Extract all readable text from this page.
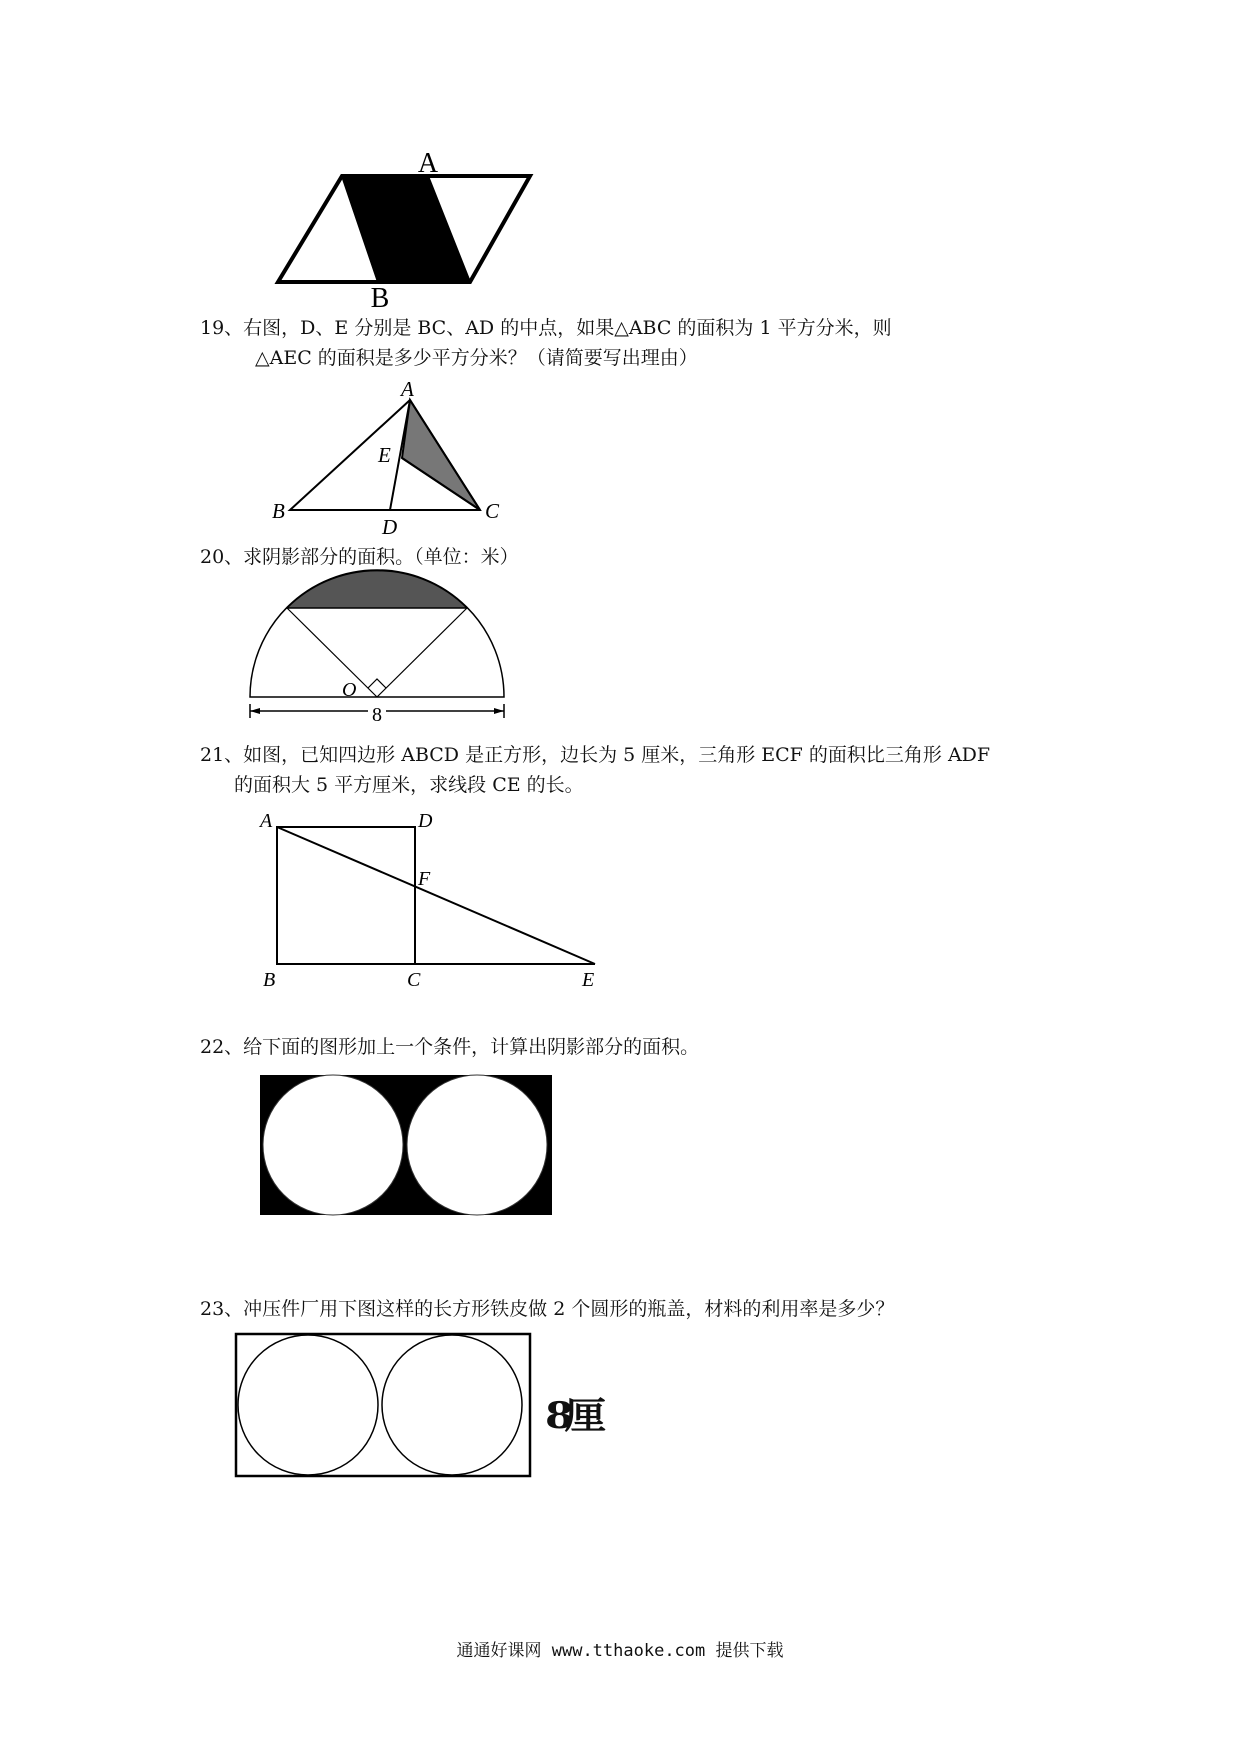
A
B
19、右图，D、E 分别是 BC、AD 的中点，如果△ABC 的面积为 1 平方分米，则
△AEC 的面积是多少平方分米？（请简要写出理由）
A
E
B
D
C
20、求阴影部分的面积。（单位：米）
8
O
21、如图，已知四边形 ABCD 是正方形，边长为 5 厘米，三角形 ECF 的面积比三角形 ADF
的面积大 5 平方厘米，求线段 CE 的长。
A	D
F
B	C	E
22、给下面的图形加上一个条件，计算出阴影部分的面积。
23、冲压件厂用下图这样的长方形铁皮做 2 个圆形的瓶盖，材料的利用率是多少？
8厘
通通好课网 www.tthaoke.com 提供下载
